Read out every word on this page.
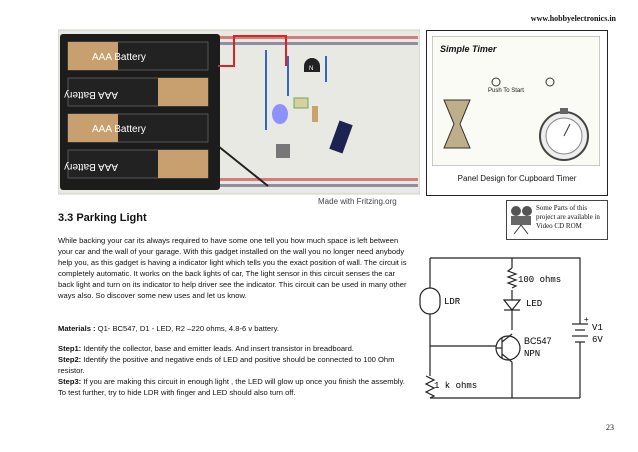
www.hobbyelectronics.in
AAA Battery
AAA Battery
AAA Battery
AAA Battery
N
Made with Fritzing.org
Simple Timer
Push To Start
Panel Design for Cupboard Timer
Some Parts of this project are available in Video CD ROM
3.3 Parking Light
While backing your car its always required to have some one tell you how much space is left between your car and the wall of your garage. With this gadget installed on the wall you no longer need anybody help you, as this gadget is having a indicator light which tells you the exact position of wall. The circuit is completely automatic. It works on the back lights of car, The light sensor in this circuit senses the car back light and turn on its indicator to help driver see the indicator. This circuit can be used in many other ways also. So discover some new uses and let us know.
Materials : Q1- BC547, D1 - LED, R2 –220 ohms, 4.8-6 v battery.
Step1: Identify the collector, base and emitter leads. And insert transistor in breadboard.
Step2: Identify the positive and negative ends of LED and positive should be connected to 100 Ohm resistor.
Step3: If you are making this circuit in enough light , the LED will glow up once you finish the assembly. To test further, try to hide LDR with finger and LED should also turn off.
100 ohms
LDR	LED
BC547
NPN
V1
6V
+
1 k ohms
23
